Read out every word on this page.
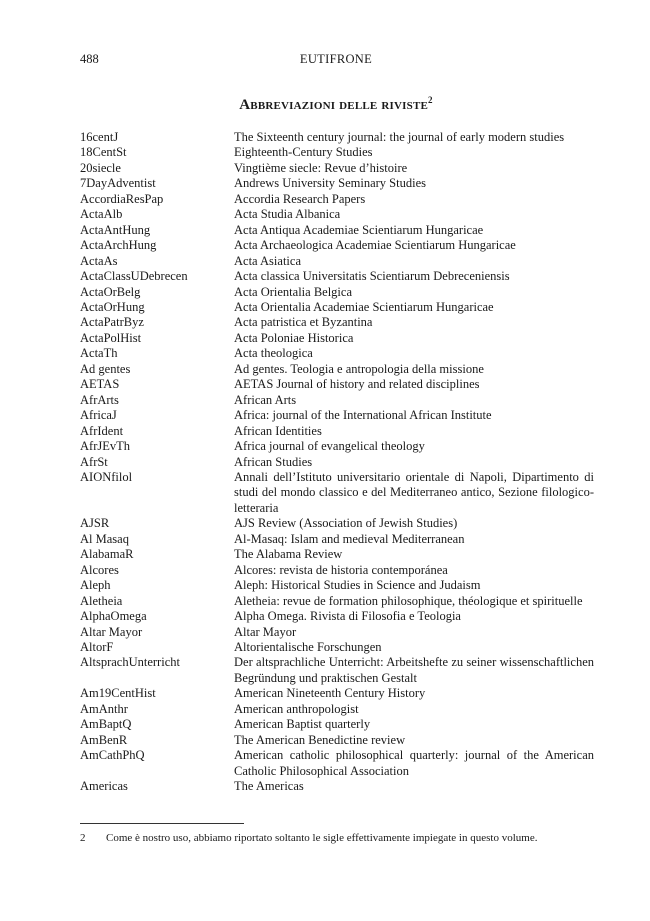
488	EUTIFRONE
Abbreviazioni delle riviste$^2$
16centJ	The Sixteenth century journal: the journal of early modern studies
18CentSt	Eighteenth-Century Studies
20siecle	Vingtième siecle: Revue d’histoire
7DayAdventist	Andrews University Seminary Studies
AccordiaResPap	Accordia Research Papers
ActaAlb	Acta Studia Albanica
ActaAntHung	Acta Antiqua Academiae Scientiarum Hungaricae
ActaArchHung	Acta Archaeologica Academiae Scientiarum Hungaricae
ActaAs	Acta Asiatica
ActaClassUDebrecen	Acta classica Universitatis Scientiarum Debreceniensis
ActaOrBelg	Acta Orientalia Belgica
ActaOrHung	Acta Orientalia Academiae Scientiarum Hungaricae
ActaPatrByz	Acta patristica et Byzantina
ActaPolHist	Acta Poloniae Historica
ActaTh	Acta theologica
Ad gentes	Ad gentes. Teologia e antropologia della missione
AETAS	AETAS Journal of history and related disciplines
AfrArts	African Arts
AfricaJ	Africa: journal of the International African Institute
AfrIdent	African Identities
AfrJEvTh	Africa journal of evangelical theology
AfrSt	African Studies
AIONfilol	Annali dell’Istituto universitario orientale di Napoli, Dipartimento di studi del mondo classico e del Mediterraneo antico, Sezione filologico-letteraria
AJSR	AJS Review (Association of Jewish Studies)
Al Masaq	Al-Masaq: Islam and medieval Mediterranean
AlabamaR	The Alabama Review
Alcores	Alcores: revista de historia contemporánea
Aleph	Aleph: Historical Studies in Science and Judaism
Aletheia	Aletheia: revue de formation philosophique, théologique et spirituelle
AlphaOmega	Alpha Omega. Rivista di Filosofia e Teologia
Altar Mayor	Altar Mayor
AltorF	Altorientalische Forschungen
AltsprachUnterricht	Der altsprachliche Unterricht: Arbeitshefte zu seiner wissenschaftlichen Begründung und praktischen Gestalt
Am19CentHist	American Nineteenth Century History
AmAnthr	American anthropologist
AmBaptQ	American Baptist quarterly
AmBenR	The American Benedictine review
AmCathPhQ	American catholic philosophical quarterly: journal of the American Catholic Philosophical Association
Americas	The Americas
2	Come è nostro uso, abbiamo riportato soltanto le sigle effettivamente impiegate in questo volume.
